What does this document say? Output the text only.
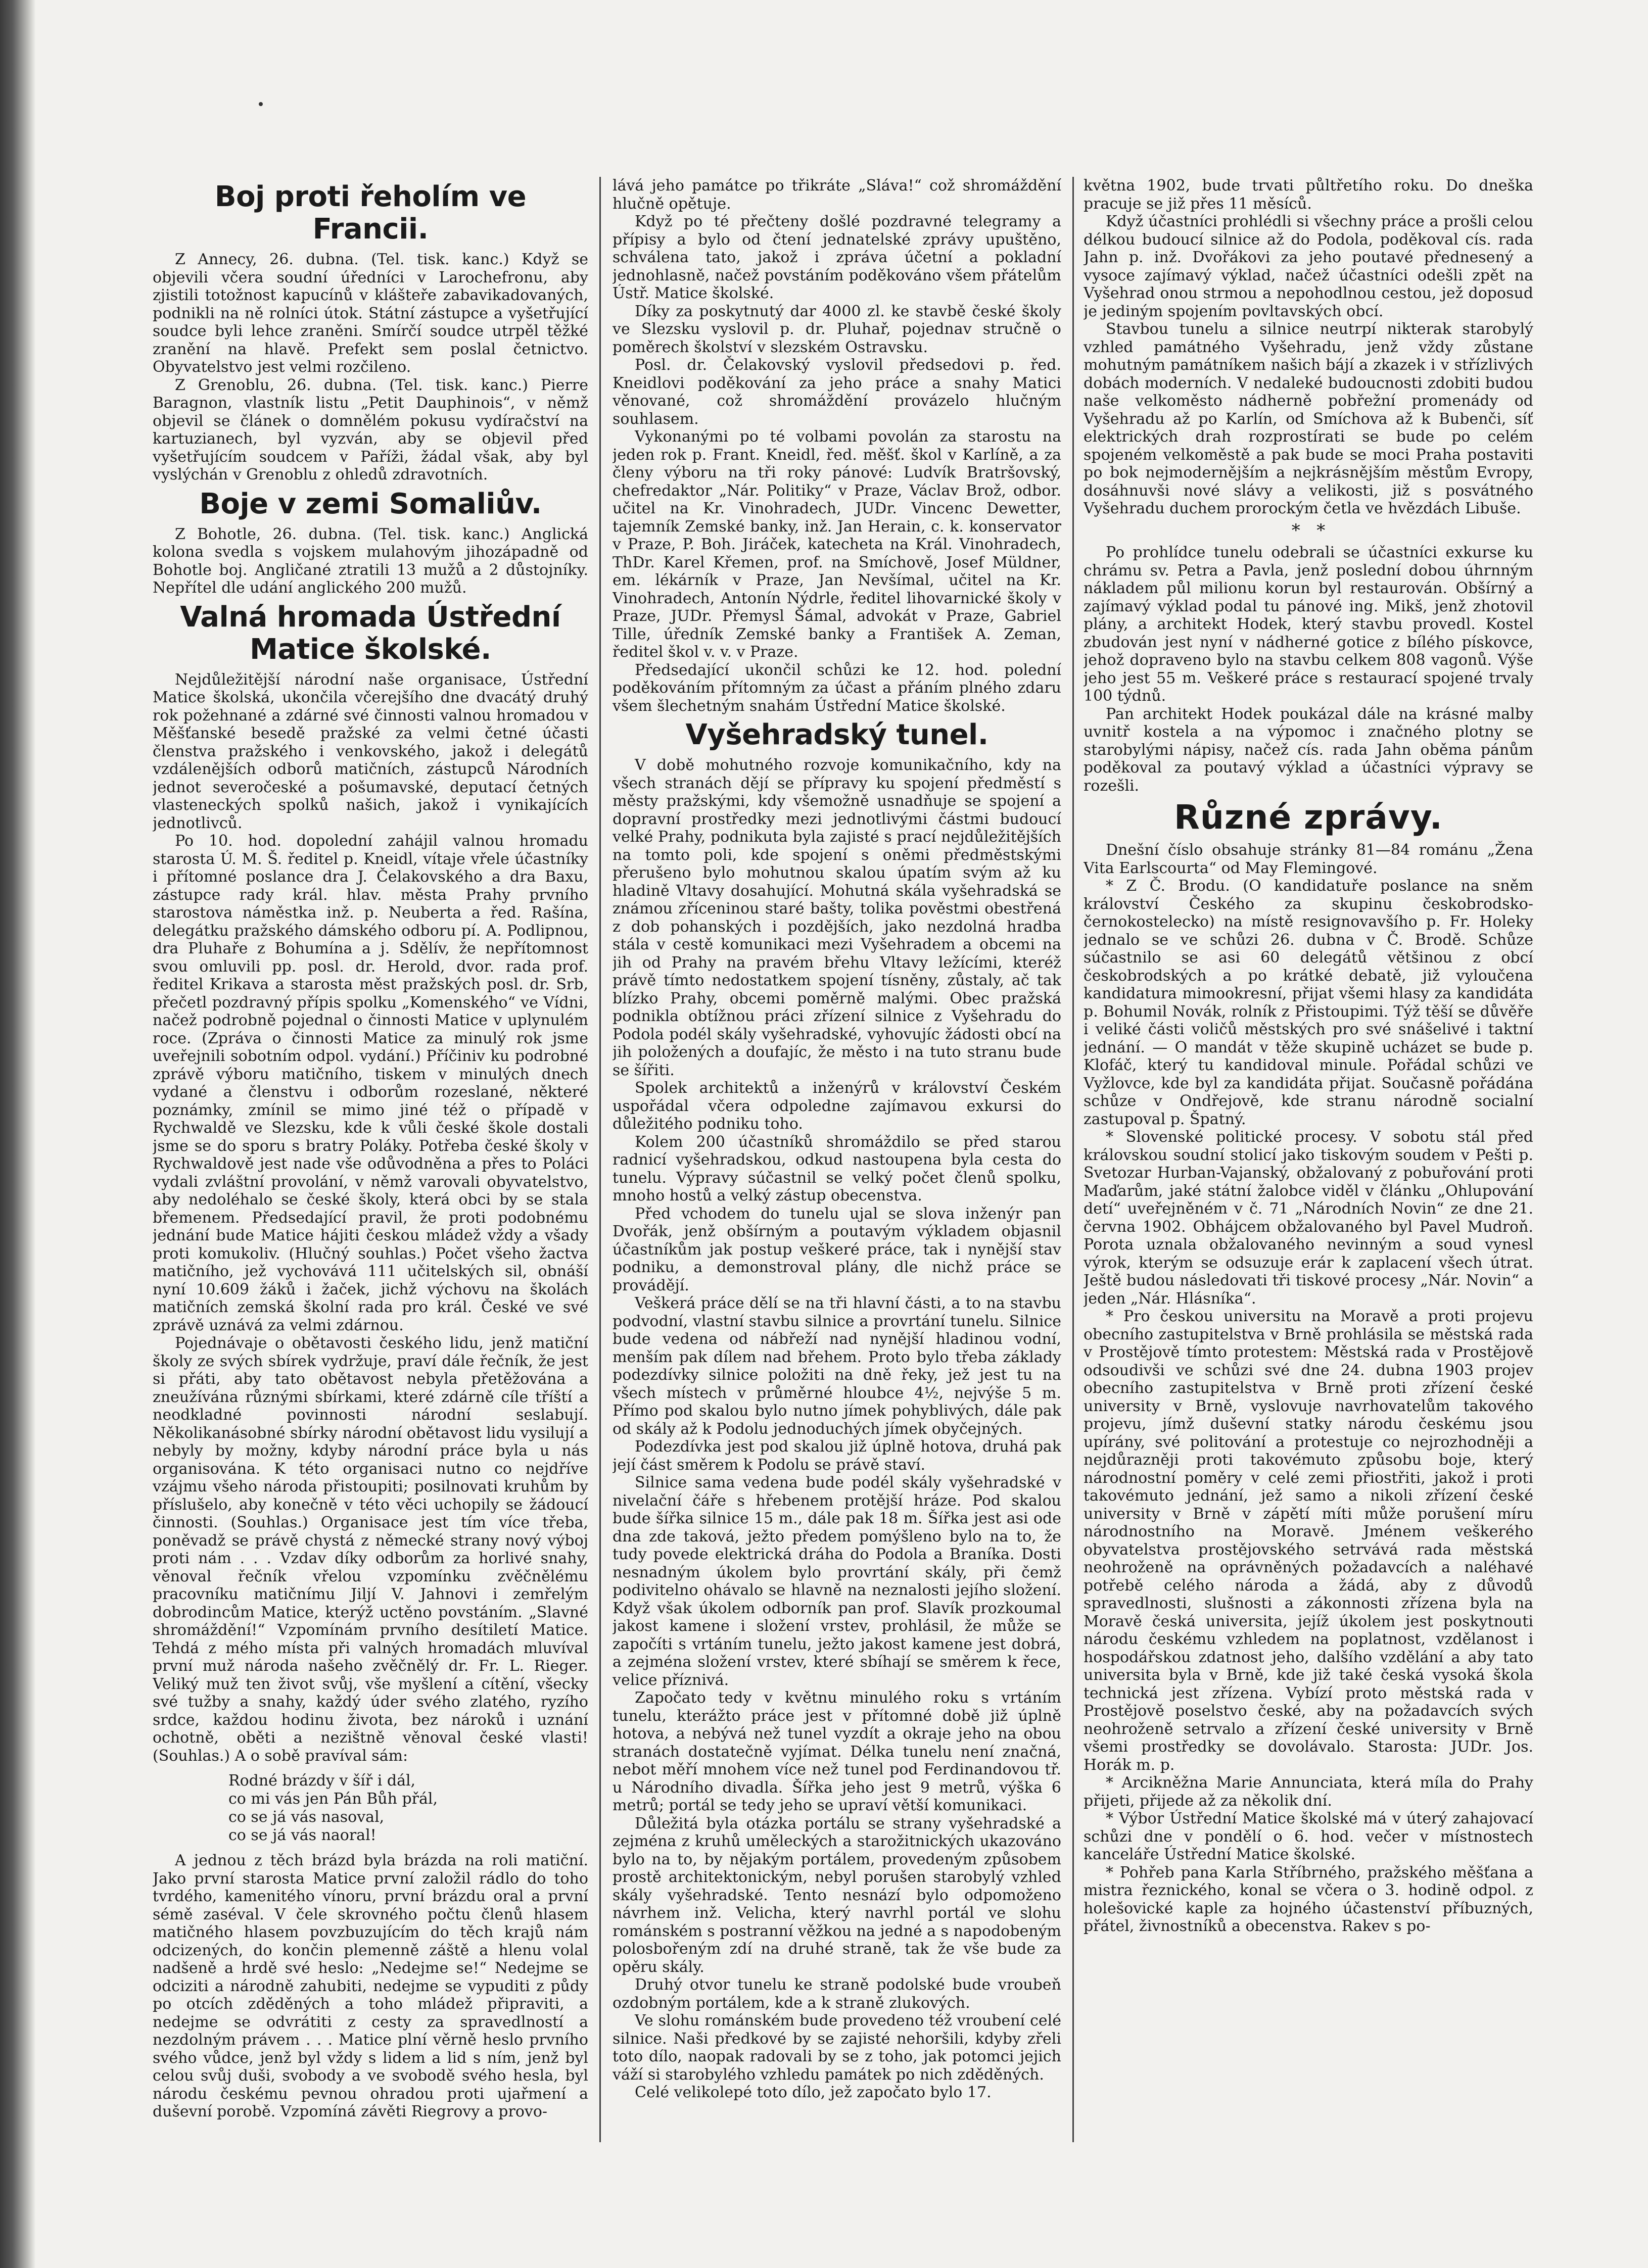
Boj proti řeholím ve Francii.

Z Annecy, 26. dubna. (Tel. tisk. kanc.) Když se objevili včera soudní úředníci v Larochefronu, aby zjistili totožnost kapucínů v klášteře zabavikadovaných, podnikli na ně rolníci útok. Státní zástupce a vyšetřující soudce byli lehce zraněni. Smírčí soudce utrpěl těžké zranění na hlavě. Prefekt sem poslal četnictvo. Obyvatelstvo jest velmi rozčileno.

Z Grenoblu, 26. dubna. (Tel. tisk. kanc.) Pierre Baragnon, vlastník listu „Petit Dauphinois“, v němž objevil se článek o domnělém pokusu vydíračství na kartuzianech, byl vyzván, aby se objevil před vyšetřujícím soudcem v Paříži, žádal však, aby byl vyslýchán v Grenoblu z ohledů zdravotních.

Boje v zemi Somaliův.

Z Bohotle, 26. dubna. (Tel. tisk. kanc.) Anglická kolona svedla s vojskem mulahovým jihozápadně od Bohotle boj. Angličané ztratili 13 mužů a 2 důstojníky. Nepřítel dle udání anglického 200 mužů.

Valná hromada Ústřední Matice školské.

Nejdůležitější národní naše organisace, Ústřední Matice školská, ukončila včerejšího dne dvacátý druhý rok požehnané a zdárné své činnosti valnou hromadou v Měšťanské besedě pražské za velmi četné účasti členstva pražského i venkovského, jakož i delegátů vzdálenějších odborů matičních, zástupců Národních jednot severočeské a pošumavské, deputací četných vlasteneckých spolků našich, jakož i vynikajících jednotlivců.

Po 10. hod. dopolední zahájil valnou hromadu starosta Ú. M. Š. ředitel p. Kneidl, vítaje vřele účastníky i přítomné poslance dra J. Čelakovského a dra Baxu, zástupce rady král. hlav. města Prahy prvního starostova náměstka inž. p. Neuberta a řed. Rašína, delegátku pražského dámského odboru pí. A. Podlipnou, dra Pluhaře z Bohumína a j. Sdělív, že nepřítomnost svou omluvili pp. posl. dr. Herold, dvor. rada prof. ředitel Krikava a starosta měst pražských posl. dr. Srb, přečetl pozdravný přípis spolku „Komenského“ ve Vídni, načež podrobně pojednal o činnosti Matice v uplynulém roce. (Zpráva o činnosti Matice za minulý rok jsme uveřejnili sobotním odpol. vydání.) Příčiniv ku podrobné zprávě výboru matičního, tiskem v minulých dnech vydané a členstvu i odborům rozeslané, některé poznámky, zmínil se mimo jiné též o případě v Rychwaldě ve Slezsku, kde k vůli české škole dostali jsme se do sporu s bratry Poláky. Potřeba české školy v Rychwaldově jest nade vše odůvodněna a přes to Poláci vydali zvláštní provolání, v němž varovali obyvatelstvo, aby nedoléhalo se české školy, která obci by se stala břemenem. Předsedající pravil, že proti podobnému jednání bude Matice hájiti českou mládež vždy a všady proti komukoliv. (Hlučný souhlas.) Počet všeho žactva matičního, jež vychovává 111 učitelských sil, obnáší nyní 10.609 žáků i žaček, jichž výchovu na školách matičních zemská školní rada pro král. České ve své zprávě uznává za velmi zdárnou.

Pojednávaje o obětavosti českého lidu, jenž matiční školy ze svých sbírek vydržuje, praví dále řečník, že jest si přáti, aby tato obětavost nebyla přetěžována a zneužívána různými sbírkami, které zdárně cíle tříští a neodkladné povinnosti národní seslabují. Několikanásobné sbírky národní obětavost lidu vysilují a nebyly by možny, kdyby národní práce byla u nás organisována. K této organisaci nutno co nejdříve vzájmu všeho národa přistoupiti; posilnovati kruhům by příslušelo, aby konečně v této věci uchopily se žádoucí činnosti. (Souhlas.) Organisace jest tím více třeba, poněvadž se právě chystá z německé strany nový výboj proti nám . . . Vzdav díky odborům za horlivé snahy, věnoval řečník vřelou vzpomínku zvěčnělému pracovníku matičnímu Jiljí V. Jahnovi i zemřelým dobrodincům Matice, kterýž uctěno povstáním. „Slavné shromáždění!“ Vzpomínám prvního desítiletí Matice. Tehdá z mého místa při valných hromadách mluvíval první muž národa našeho zvěčnělý dr. Fr. L. Rieger. Veliký muž ten život svůj, vše myšlení a cítění, všecky své tužby a snahy, každý úder svého zlatého, ryzího srdce, každou hodinu života, bez nároků i uznání ochotně, oběti a nezištně věnoval české vlasti! (Souhlas.) A o sobě pravíval sám:

Rodné brázdy v šíř i dál,
co mi vás jen Pán Bůh přál,
co se já vás nasoval,
co se já vás naoral!

A jednou z těch brázd byla brázda na roli matiční. Jako první starosta Matice první založil rádlo do toho tvrdého, kamenitého vínoru, první brázdu oral a první sémě zaséval. V čele skrovného počtu členů hlasem matičného hlasem povzbuzujícím do těch krajů nám odcizených, do končin plemenně záště a hlenu volal nadšeně a hrdě své heslo: „Nedejme se!“ Nedejme se odciziti a národně zahubiti, nedejme se vypuditi z půdy po otcích zděděných a toho mládež připraviti, a nedejme se odvrátiti z cesty za spravedlností a nezdolným právem . . . Matice plní věrně heslo prvního svého vůdce, jenž byl vždy s lidem a lid s ním, jenž byl celou svůj duši, svobody a ve svobodě svého hesla, byl národu českému pevnou ohradou proti ujařmení a duševní porobě. Vzpomíná závěti Riegrovy a provo-

lává jeho památce po třikráte „Sláva!“ což shromáždění hlučně opětuje.

Když po té přečteny došlé pozdravné telegramy a přípisy a bylo od čtení jednatelské zprávy upuštěno, schválena tato, jakož i zpráva účetní a pokladní jednohlasně, načež povstáním poděkováno všem přátelům Ústř. Matice školské.

Díky za poskytnutý dar 4000 zl. ke stavbě české školy ve Slezsku vyslovil p. dr. Pluhař, pojednav stručně o poměrech školství v slezském Ostravsku.

Posl. dr. Čelakovský vyslovil předsedovi p. řed. Kneidlovi poděkování za jeho práce a snahy Matici věnované, což shromáždění provázelo hlučným souhlasem.

Vykonanými po té volbami povolán za starostu na jeden rok p. Frant. Kneidl, řed. měšť. škol v Karlíně, a za členy výboru na tři roky pánové: Ludvík Bratršovský, chefredaktor „Nár. Politiky“ v Praze, Václav Brož, odbor. učitel na Kr. Vinohradech, JUDr. Vincenc Dewetter, tajemník Zemské banky, inž. Jan Herain, c. k. konservator v Praze, P. Boh. Jiráček, katecheta na Král. Vinohradech, ThDr. Karel Křemen, prof. na Smíchově, Josef Müldner, em. lékárník v Praze, Jan Nevšímal, učitel na Kr. Vinohradech, Antonín Nýdrle, ředitel lihovarnické školy v Praze, JUDr. Přemysl Šámal, advokát v Praze, Gabriel Tille, úředník Zemské banky a František A. Zeman, ředitel škol v. v. v Praze.

Předsedající ukončil schůzi ke 12. hod. polední poděkováním přítomným za účast a přáním plného zdaru všem šlechetným snahám Ústřední Matice školské.

Vyšehradský tunel.

V době mohutného rozvoje komunikačního, kdy na všech stranách dějí se přípravy ku spojení předměstí s městy pražskými, kdy všemožně usnadňuje se spojení a dopravní prostředky mezi jednotlivými částmi budoucí velké Prahy, podnikuta byla zajisté s prací nejdůležitějších na tomto poli, kde spojení s oněmi předměstskými přerušeno bylo mohutnou skalou úpatím svým až ku hladině Vltavy dosahující. Mohutná skála vyšehradská se známou zříceninou staré bašty, tolika pověstmi obestřená z dob pohanských i pozdějších, jako nezdolná hradba stála v cestě komunikaci mezi Vyšehradem a obcemi na jih od Prahy na pravém břehu Vltavy ležícími, kteréž právě tímto nedostatkem spojení tísněny, zůstaly, ač tak blízko Prahy, obcemi poměrně malými. Obec pražská podnikla obtížnou práci zřízení silnice z Vyšehradu do Podola podél skály vyšehradské, vyhovujíc žádosti obcí na jih položených a doufajíc, že město i na tuto stranu bude se šířiti.

Spolek architektů a inženýrů v království Českém uspořádal včera odpoledne zajímavou exkursi do důležitého podniku toho.

Kolem 200 účastníků shromáždilo se před starou radnicí vyšehradskou, odkud nastoupena byla cesta do tunelu. Výpravy súčastnil se velký počet členů spolku, mnoho hostů a velký zástup obecenstva.

Před vchodem do tunelu ujal se slova inženýr pan Dvořák, jenž obšírným a poutavým výkladem objasnil účastníkům jak postup veškeré práce, tak i nynější stav podniku, a demonstroval plány, dle nichž práce se provádějí.

Veškerá práce dělí se na tři hlavní části, a to na stavbu podvodní, vlastní stavbu silnice a provrtání tunelu. Silnice bude vedena od nábřeží nad nynější hladinou vodní, menším pak dílem nad břehem. Proto bylo třeba základy podezdívky silnice položiti na dně řeky, jež jest tu na všech místech v průměrné hloubce 4½, nejvýše 5 m. Přímo pod skalou bylo nutno jímek pohyblivých, dále pak od skály až k Podolu jednoduchých jímek obyčejných.

Podezdívka jest pod skalou již úplně hotova, druhá pak její část směrem k Podolu se právě staví.

Silnice sama vedena bude podél skály vyšehradské v nivelační čáře s hřebenem protější hráze. Pod skalou bude šířka silnice 15 m., dále pak 18 m. Šířka jest asi ode dna zde taková, ježto předem pomýšleno bylo na to, že tudy povede elektrická dráha do Podola a Braníka. Dosti nesnadným úkolem bylo provrtání skály, při čemž podivitelno ohávalo se hlavně na neznalosti jejího složení. Když však úkolem odborník pan prof. Slavík prozkoumal jakost kamene i složení vrstev, prohlásil, že může se započíti s vrtáním tunelu, ježto jakost kamene jest dobrá, a zejména složení vrstev, které sbíhají se směrem k řece, velice příznivá.

Započato tedy v květnu minulého roku s vrtáním tunelu, kterážto práce jest v přítomné době již úplně hotova, a nebývá než tunel vyzdít a okraje jeho na obou stranách dostatečně vyjímat. Délka tunelu není značná, nebot měří mnohem více než tunel pod Ferdinandovou tř. u Národního divadla. Šířka jeho jest 9 metrů, výška 6 metrů; portál se tedy jeho se upraví větší komunikaci.

Důležitá byla otázka portálu se strany vyšehradské a zejména z kruhů uměleckých a starožitnických ukazováno bylo na to, by nějakým portálem, provedeným způsobem prostě architektonickým, nebyl porušen starobylý vzhled skály vyšehradské. Tento nesnází bylo odpomoženo návrhem inž. Velicha, který navrhl portál ve slohu románském s postranní věžkou na jedné a s napodobeným polosbořeným zdí na druhé straně, tak že vše bude za opěru skály.

Druhý otvor tunelu ke straně podolské bude vroubeň ozdobným portálem, kde a k straně zlukových.

Ve slohu románském bude provedeno též vroubení celé silnice. Naši předkové by se zajisté nehoršili, kdyby zřeli toto dílo, naopak radovali by se z toho, jak potomci jejich váží si starobylého vzhledu památek po nich zděděných.

Celé velikolepé toto dílo, jež započato bylo 17.

května 1902, bude trvati půltřetího roku. Do dneška pracuje se již přes 11 měsíců.

Když účastníci prohlédli si všechny práce a prošli celou délkou budoucí silnice až do Podola, poděkoval cís. rada Jahn p. inž. Dvořákovi za jeho poutavé přednesený a vysoce zajímavý výklad, načež účastníci odešli zpět na Vyšehrad onou strmou a nepohodlnou cestou, jež doposud je jediným spojením povltavských obcí.

Stavbou tunelu a silnice neutrpí nikterak starobylý vzhled památného Vyšehradu, jenž vždy zůstane mohutným památníkem našich bájí a zkazek i v střízlivých dobách moderních. V nedaleké budoucnosti zdobiti budou naše velkoměsto nádherně pobřežní promenády od Vyšehradu až po Karlín, od Smíchova až k Bubenči, síť elektrických drah rozprostírati se bude po celém spojeném velkoměstě a pak bude se moci Praha postaviti po bok nejmodernějším a nejkrásnějším městům Evropy, dosáhnuvši nové slávy a velikosti, již s posvátného Vyšehradu duchem prorockým četla ve hvězdách Libuše.

*   *

Po prohlídce tunelu odebrali se účastníci exkurse ku chrámu sv. Petra a Pavla, jenž poslední dobou úhrnným nákladem půl milionu korun byl restaurován. Obšírný a zajímavý výklad podal tu pánové ing. Mikš, jenž zhotovil plány, a architekt Hodek, který stavbu provedl. Kostel zbudován jest nyní v nádherné gotice z bílého pískovce, jehož dopraveno bylo na stavbu celkem 808 vagonů. Výše jeho jest 55 m. Veškeré práce s restaurací spojené trvaly 100 týdnů.

Pan architekt Hodek poukázal dále na krásné malby uvnitř kostela a na výpomoc i značného plotny se starobylými nápisy, načež cís. rada Jahn oběma pánům poděkoval za poutavý výklad a účastníci výpravy se rozešli.

Různé zprávy.

Dnešní číslo obsahuje stránky 81—84 románu „Žena Vita Earlscourta“ od May Flemingové.

* Z Č. Brodu. (O kandidatuře poslance na sněm království Českého za skupinu českobrodsko-černokostelecko) na místě resignovavšího p. Fr. Holeky jednalo se ve schůzi 26. dubna v Č. Brodě. Schůze súčastnilo se asi 60 delegátů většinou z obcí českobrodských a po krátké debatě, již vyloučena kandidatura mimookresní, přijat všemi hlasy za kandidáta p. Bohumil Novák, rolník z Přistoupimi. Týž těší se důvěře i veliké části voličů městských pro své snášelivé i taktní jednání. — O mandát v těže skupině ucházet se bude p. Klofáč, který tu kandidoval minule. Pořádal schůzi ve Vyžlovce, kde byl za kandidáta přijat. Současně pořádána schůze v Ondřejově, kde stranu národně socialní zastupoval p. Špatný.

* Slovenské politické procesy. V sobotu stál před královskou soudní stolicí jako tiskovým soudem v Pešti p. Svetozar Hurban-Vajanský, obžalovaný z pobuřování proti Maďarům, jaké státní žalobce viděl v článku „Ohlupování detí“ uveřejněném v č. 71 „Národních Novin“ ze dne 21. června 1902. Obhájcem obžalovaného byl Pavel Mudroň. Porota uznala obžalovaného nevinným a soud vynesl výrok, kterým se odsuzuje erár k zaplacení všech útrat. Ještě budou následovati tři tiskové procesy „Nár. Novin“ a jeden „Nár. Hlásníka“.

* Pro českou universitu na Moravě a proti projevu obecního zastupitelstva v Brně prohlásila se městská rada v Prostějově tímto protestem: Městská rada v Prostějově odsoudivši ve schůzi své dne 24. dubna 1903 projev obecního zastupitelstva v Brně proti zřízení české university v Brně, vyslovuje navrhovatelům takového projevu, jímž duševní statky národu českému jsou upírány, své politování a protestuje co nejrozhodněji a nejdůrazněji proti takovémuto způsobu boje, který národnostní poměry v celé zemi přiostřiti, jakož i proti takovémuto jednání, jež samo a nikoli zřízení české university v Brně v zápětí míti může porušení míru národnostního na Moravě. Jménem veškerého obyvatelstva prostějovského setrvává rada městská neohroženě na oprávněných požadavcích a naléhavé potřebě celého národa a žádá, aby z důvodů spravedlnosti, slušnosti a zákonnosti zřízena byla na Moravě česká universita, jejíž úkolem jest poskytnouti národu českému vzhledem na poplatnost, vzdělanost i hospodářskou zdatnost jeho, dalšího vzdělání a aby tato universita byla v Brně, kde již také česká vysoká škola technická jest zřízena. Vybízí proto městská rada v Prostějově poselstvo české, aby na požadavcích svých neohroženě setrvalo a zřízení české university v Brně všemi prostředky se dovolávalo. Starosta: JUDr. Jos. Horák m. p.

* Arcikněžna Marie Annunciata, která míla do Prahy přijeti, přijede až za několik dní.

* Výbor Ústřední Matice školské má v úterý zahajovací schůzi dne v pondělí o 6. hod. večer v místnostech kanceláře Ústřední Matice školské.

* Pohřeb pana Karla Stříbrného, pražského měšťana a mistra řeznického, konal se včera o 3. hodině odpol. z holešovické kaple za hojného účastenství příbuzných, přátel, živnostníků a obecenstva. Rakev s po-
